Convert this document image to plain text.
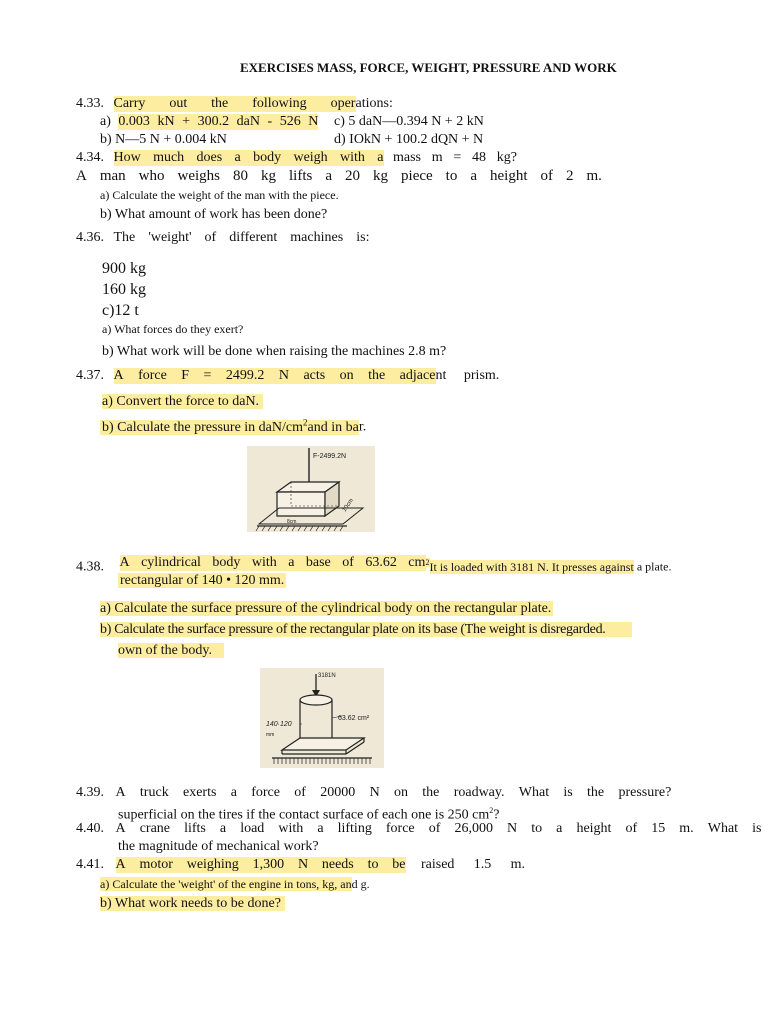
EXERCISES MASS, FORCE, WEIGHT, PRESSURE AND WORK
4.33. Carry out the following oper ations:
a) 0.003 kN + 300.2 daN - 526 N c) 5 daN—0.394 N + 2 kN
b) N—5 N + 0.004 kN	d) IOkN + 100.2 dQN + N
4.34. How much does a body weigh with a
mass m = 48 kg?
A man who weighs 80 kg lifts a 20 kg piece to a height of 2 m.
a) Calculate the weight of the man with the piece.
b) What amount of work has been done?
4.36. The 'weight' of different machines is:
900 kg
160 kg
c)12 t
a) What forces do they exert?
b) What work will be done when raising the machines 2.8 m?
4.37. A force F = 2499.2 N acts on the adjace nt prism.
a) Convert the force to daN.
b) Calculate the pressure in daN/$cm^2and$ in bar.
F-2499.2N
10cm
8cm
4.38. A cylindrical body with a base of 63.62 cm $^2$It is loaded with 3181 N. It presses against a plate.
rectangular of 140 • 120 mm.
a) Calculate the surface pressure of the cylindrical body on the rectangular plate.
b) Calculate the surface pressure of the rectangular plate on its base (The weight is disregarded.
own of the body.
3181N
63.62 cm²
140·120
mm
4.39. A truck exerts a force of 20000 N on the roadway. What is the pressure?
superficial on the tires if the contact surface of each one is 250 $cm^2$?
4.40. A crane lifts a load with a lifting force of 26,000 N to a height of 15 m. What is
the magnitude of mechanical work?
4.41. A motor weighing 1,300 N needs to be
raised 1.5 m.
a) Calculate the 'weight' of the engine in tons, kg, and g.
b) What work needs to be done?
